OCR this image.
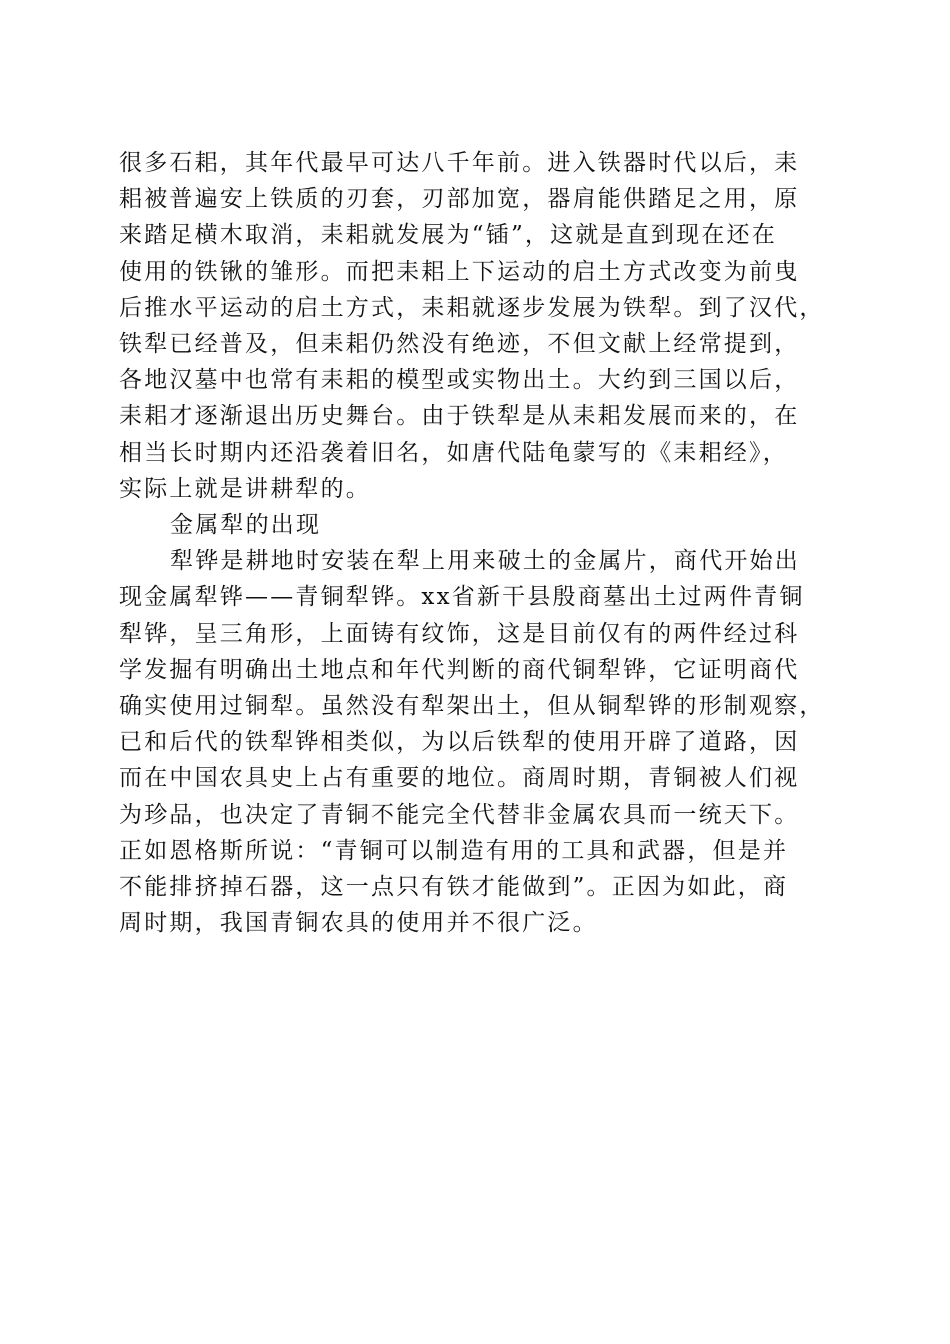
很多石耜，其年代最早可达八千年前。进入铁器时代以后，耒
耜被普遍安上铁质的刃套，刃部加宽，器肩能供踏足之用，原
来踏足横木取消，耒耜就发展为“锸”，这就是直到现在还在
使用的铁锹的雏形。而把耒耜上下运动的启土方式改变为前曳
后推水平运动的启土方式，耒耜就逐步发展为铁犁。到了汉代，
铁犁已经普及，但耒耜仍然没有绝迹，不但文献上经常提到，
各地汉墓中也常有耒耜的模型或实物出土。大约到三国以后，
耒耜才逐渐退出历史舞台。由于铁犁是从耒耜发展而来的，在
相当长时期内还沿袭着旧名，如唐代陆龟蒙写的《耒耜经》，
实际上就是讲耕犁的。
金属犁的出现
犁铧是耕地时安装在犁上用来破土的金属片，商代开始出
现金属犁铧——青铜犁铧。xx省新干县殷商墓出土过两件青铜
犁铧，呈三角形，上面铸有纹饰，这是目前仅有的两件经过科
学发掘有明确出土地点和年代判断的商代铜犁铧，它证明商代
确实使用过铜犁。虽然没有犁架出土，但从铜犁铧的形制观察，
已和后代的铁犁铧相类似，为以后铁犁的使用开辟了道路，因
而在中国农具史上占有重要的地位。商周时期，青铜被人们视
为珍品，也决定了青铜不能完全代替非金属农具而一统天下。
正如恩格斯所说：“青铜可以制造有用的工具和武器，但是并
不能排挤掉石器，这一点只有铁才能做到”。正因为如此，商
周时期，我国青铜农具的使用并不很广泛。
